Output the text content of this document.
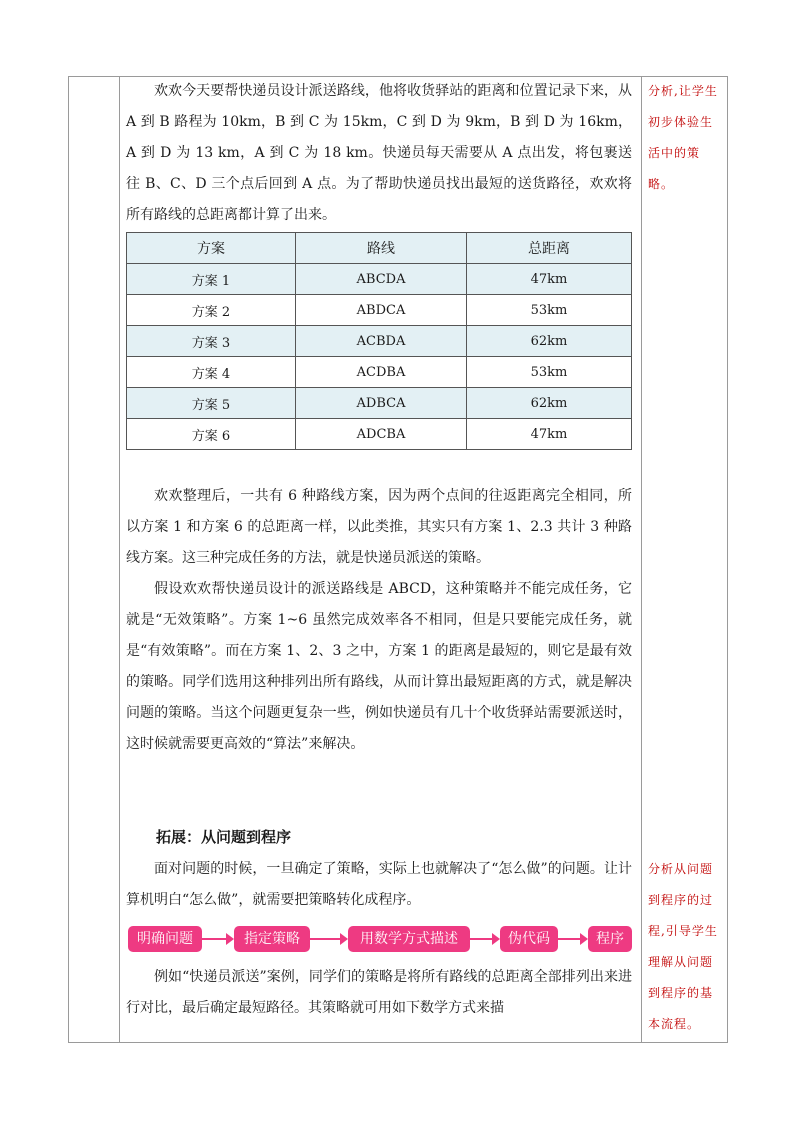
欢欢今天要帮快递员设计派送路线，他将收货驿站的距离和位置记录下来，从 A 到 B 路程为 10km，B 到 C 为 15km，C 到 D 为 9km，B 到 D 为 16km，A 到 D 为 13 km，A 到 C 为 18 km。快递员每天需要从 A 点出发，将包裹送往 B、C、D 三个点后回到 A 点。为了帮助快递员找出最短的送货路径，欢欢将所有路线的总距离都计算了出来。

方案	路线	总距离
方案 1	ABCDA	47km
方案 2	ABDCA	53km
方案 3	ACBDA	62km
方案 4	ACDBA	53km
方案 5	ADBCA	62km
方案 6	ADCBA	47km

欢欢整理后，一共有 6 种路线方案，因为两个点间的往返距离完全相同，所以方案 1 和方案 6 的总距离一样，以此类推，其实只有方案 1、2.3 共计 3 种路线方案。这三种完成任务的方法，就是快递员派送的策略。

假设欢欢帮快递员设计的派送路线是 ABCD，这种策略并不能完成任务，它就是“无效策略”。方案 1~6 虽然完成效率各不相同，但是只要能完成任务，就是“有效策略”。而在方案 1、2、3 之中，方案 1 的距离是最短的，则它是最有效的策略。同学们选用这种排列出所有路线，从而计算出最短距离的方式，就是解决问题的策略。当这个问题更复杂一些，例如快递员有几十个收货驿站需要派送时，这时候就需要更高效的“算法”来解决。

拓展：从问题到程序

面对问题的时候，一旦确定了策略，实际上也就解决了“怎么做”的问题。让计算机明白“怎么做”，就需要把策略转化成程序。

明确问题	指定策略	用数学方式描述	伪代码	程序

例如“快递员派送”案例，同学们的策略是将所有路线的总距离全部排列出来进行对比，最后确定最短路径。其策略就可用如下数学方式来描

分析,让学生初步体验生活中的策略。

分析从问题到程序的过程,引导学生理解从问题到程序的基本流程。
